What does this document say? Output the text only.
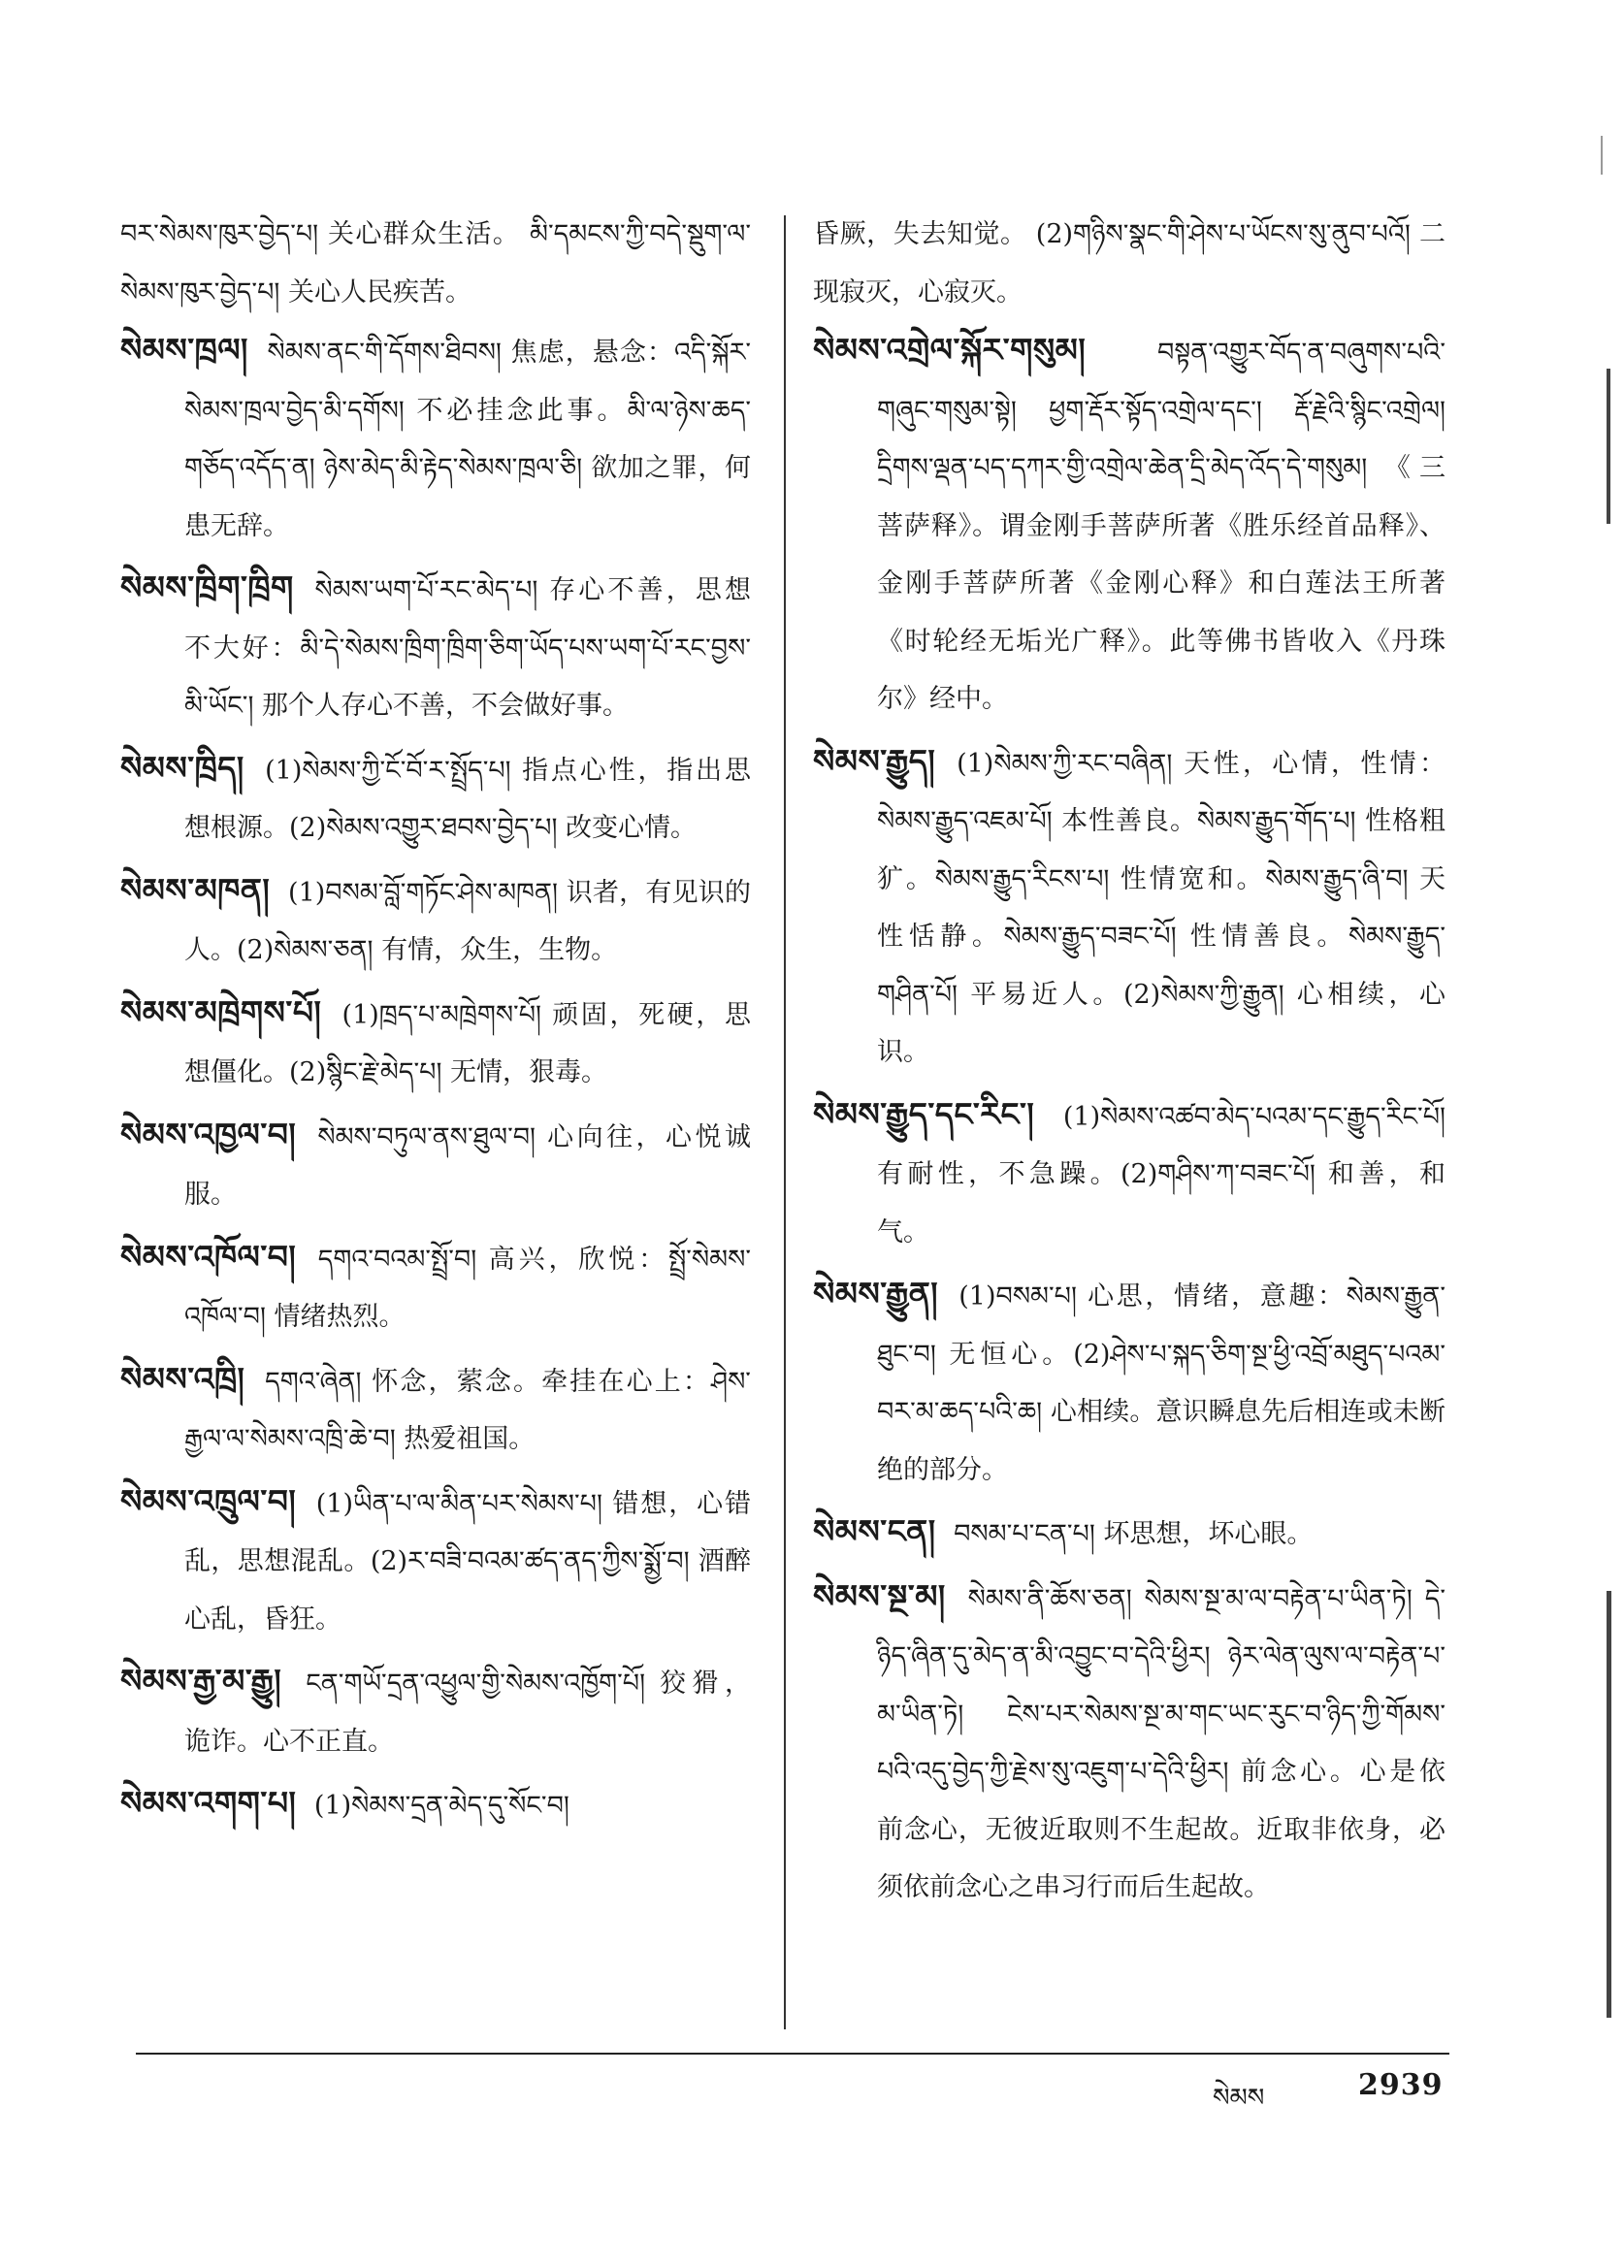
བར་སེམས་ཁུར་བྱེད་པ། 关心群众生活。 མི་དམངས་ཀྱི་བདེ་སྡུག་ལ་སེམས་ཁུར་བྱེད་པ། 关心人民疾苦。
སེམས་ཁྲལ། སེམས་ནང་གི་དོགས་ཐིབས། 焦虑，悬念：འདི་སྐོར་སེམས་ཁྲལ་བྱེད་མི་དགོས། 不必挂念此事。མི་ལ་ཉེས་ཆད་གཅོད་འདོད་ན། ཉེས་མེད་མི་རྟེད་སེམས་ཁྲལ་ཅི། 欲加之罪，何患无辞。
སེམས་ཁྲིག་ཁྲིག སེམས་ཡག་པོ་རང་མེད་པ། 存心不善，思想不大好：མི་དེ་སེམས་ཁྲིག་ཁྲིག་ཅིག་ཡོད་པས་ཡག་པོ་རང་བྱས་མི་ཡོང་། 那个人存心不善，不会做好事。
སེམས་ཁྲིད། (1)སེམས་ཀྱི་ངོ་བོ་ར་སྤྲོད་པ། 指点心性，指出思想根源。(2)སེམས་འགྱུར་ཐབས་བྱེད་པ། 改变心情。
སེམས་མཁན། (1)བསམ་བློ་གཏོང་ཤེས་མཁན། 识者，有见识的人。(2)སེམས་ཅན། 有情，众生，生物。
སེམས་མཁྲེགས་པོ། (1)ཁྲད་པ་མཁྲེགས་པོ། 顽固，死硬，思想僵化。(2)སྙིང་རྗེ་མེད་པ། 无情，狠毒。
སེམས་འཁྱལ་བ། སེམས་བཏུལ་ནས་ཐུལ་བ། 心向往，心悦诚服。
སེམས་འཁོལ་བ། དགའ་བའམ་སྤྲོ་བ། 高兴，欣悦：སྤྲོ་སེམས་འཁོལ་བ། 情绪热烈。
སེམས་འཁྲི། དགའ་ཞེན། 怀念，萦念。牵挂在心上：ཤེས་རྒྱལ་ལ་སེམས་འཁྲི་ཆེ་བ། 热爱祖国。
སེམས་འཁྲུལ་བ། (1)ཡིན་པ་ལ་མིན་པར་སེམས་པ། 错想，心错乱，思想混乱。(2)ར་བཟི་བའམ་ཚད་ནད་ཀྱིས་སྨྱོ་བ། 酒醉心乱，昏狂。
སེམས་རྒྱ་མ་རྒྱུ། ངན་གཡོ་དྲན་འཕྱུལ་གྱི་སེམས་འཁྱོག་པོ། 狡猾，诡诈。心不正直。
སེམས་འགག་པ། (1)སེམས་དྲན་མེད་དུ་སོང་བ།
昏厥，失去知觉。 (2)གཉིས་སྣང་གི་ཤེས་པ་ཡོངས་སུ་ནུབ་པའོ། 二现寂灭，心寂灭。
སེམས་འགྲེལ་སྐོར་གསུམ།	བསྟན་འགྱུར་བོད་ན་བཞུགས་པའི་གཞུང་གསུམ་སྟེ། ཕྱག་རྡོར་སྟོད་འགྲེལ་དང་། རྡོ་རྗེའི་སྙིང་འགྲེལ། དྲིགས་ལྡན་པད་དཀར་གྱི་འགྲེལ་ཆེན་དྲི་མེད་འོད་དེ་གསུམ། 《三菩萨释》。谓金刚手菩萨所著《胜乐经首品释》、金刚手菩萨所著《金刚心释》和白莲法王所著《时轮经无垢光广释》。此等佛书皆收入《丹珠尔》经中。
སེམས་རྒྱུད། (1)སེམས་ཀྱི་རང་བཞིན། 天性，心情，性情：སེམས་རྒྱུད་འཇམ་པོ། 本性善良。སེམས་རྒྱུད་གོད་པ། 性格粗犷。སེམས་རྒྱུད་རིངས་པ། 性情宽和。སེམས་རྒྱུད་ཞི་བ། 天性恬静。སེམས་རྒྱུད་བཟང་པོ། 性情善良。སེམས་རྒྱུད་གཤིན་པོ། 平易近人。(2)སེམས་ཀྱི་རྒྱུན། 心相续，心识。
སེམས་རྒྱུད་དང་རིང་། (1)སེམས་འཚབ་མེད་པའམ་དང་རྒྱུད་རིང་པོ། 有耐性，不急躁。(2)གཤིས་ཀ་བཟང་པོ། 和善，和气。
སེམས་རྒྱུན། (1)བསམ་པ། 心思，情绪，意趣：སེམས་རྒྱུན་ཐུང་བ། 无恒心。(2)ཤེས་པ་སྐད་ཅིག་སྔ་ཕྱི་འབྲོ་མཐུད་པའམ་བར་མ་ཆད་པའི་ཆ། 心相续。意识瞬息先后相连或未断绝的部分。
སེམས་ངན། བསམ་པ་ངན་པ། 坏思想，坏心眼。
སེམས་སྔ་མ། སེམས་ནི་ཆོས་ཅན། སེམས་སྔ་མ་ལ་བརྟེན་པ་ཡིན་ཏེ། དེ་ཉིད་ཞིན་དུ་མེད་ན་མི་འབྱུང་བ་དེའི་ཕྱིར། ཉེར་ལེན་ལུས་ལ་བརྟེན་པ་མ་ཡིན་ཏེ། ངེས་པར་སེམས་སྔ་མ་གང་ཡང་རུང་བ་ཉིད་ཀྱི་གོམས་པའི་འདུ་བྱེད་ཀྱི་རྗེས་སུ་འཇུག་པ་དེའི་ཕྱིར། 前念心。心是依前念心，无彼近取则不生起故。近取非依身，必须依前念心之串习行而后生起故。
སེམས	2939
